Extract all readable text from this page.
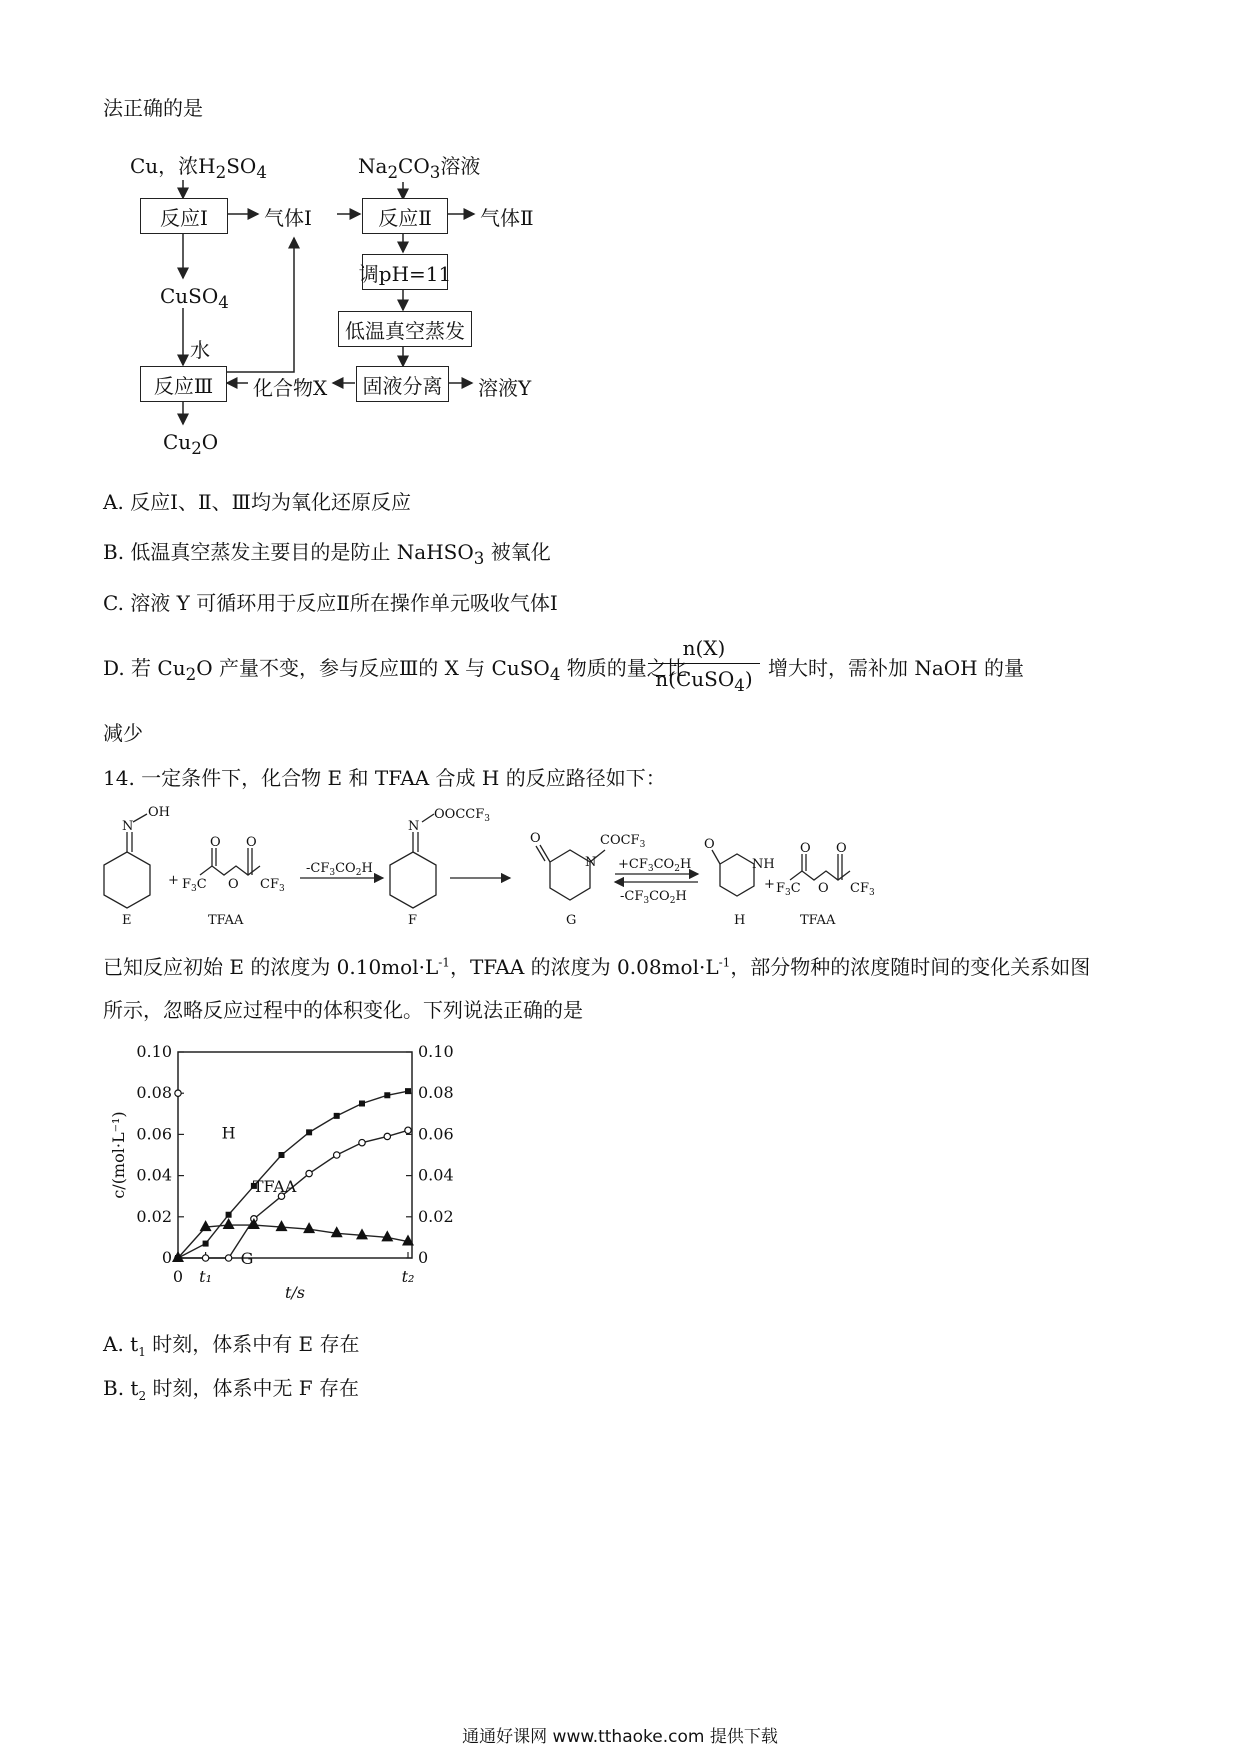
法正确的是
Cu，浓$H_2SO_4$	$Na_2CO_3$溶液
反应Ⅰ	气体Ⅰ	反应Ⅱ	气体Ⅱ
调pH=11
低温真空蒸发
固液分离	溶液Y
化合物X
反应Ⅲ
CuSO$_4$
水
$Cu_2O$
A. 反应Ⅰ、Ⅱ、Ⅲ均为氧化还原反应
B. 低温真空蒸发主要目的是防止 NaHSO$_3$ 被氧化
C. 溶液 Y 可循环用于反应Ⅱ所在操作单元吸收气体Ⅰ
D. 若 $Cu_2O$ 产量不变，参与反应Ⅲ的 X 与 CuSO$_4$ 物质的量之比
n(X)
n(CuSO$_4$) 增大时，需补加 NaOH 的量
减少
14. 一定条件下，化合物 E 和 TFAA 合成 H 的反应路径如下：
N
OH
E
+ $F_3C$ O
O O
$CF_3$
TFAA
$-CF_3CO_2H$
N
$OOCCF_3$
F
O
N
$COCF_3$
G
$+CF_3CO_2H$
$-CF_3CO_2H$
O
NH
H
+ $F_3C$ O
O O
$CF_3$
TFAA
已知反应初始 E 的浓度为 $0.10mol\cdot L^{-1}$，TFAA 的浓度为 $0.08mol\cdot L^{-1}$，部分物种的浓度随时间的变化关系如图
所示，忽略反应过程中的体积变化。下列说法正确的是
0	0
0.02	0.02
0.04	0.04
0.06	0.06
0.08	0.08
0.10	0.10
0 t₁	t₂
t/s
c/(mol·L⁻¹)	H
TFAA
G
A. $t_1$ 时刻，体系中有 E 存在
B. $t_2$ 时刻，体系中无 F 存在
通通好课网 www.tthaoke.com 提供下载
